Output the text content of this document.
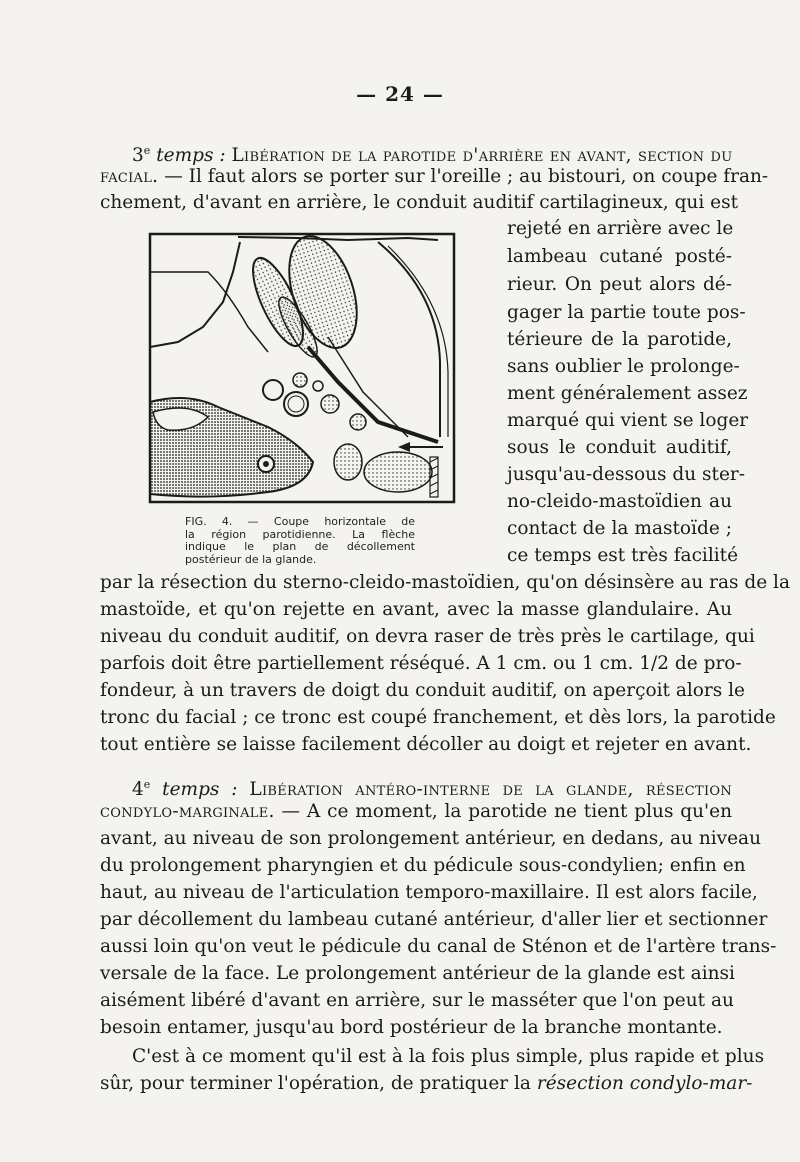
— 24 —
3e temps : Libération de la parotide d'arrière en avant, section du
facial. — Il faut alors se porter sur l'oreille ; au bistouri, on coupe fran-
chement, d'avant en arrière, le conduit auditif cartilagineux, qui est
rejeté en arrière avec le
lambeau cutané posté-
rieur. On peut alors dé-
gager la partie toute pos-
térieure de la parotide,
sans oublier le prolonge-
ment généralement assez
marqué qui vient se loger
sous le conduit auditif,
jusqu'au-dessous du ster-
no-cleido-mastoïdien au
contact de la mastoïde ;
ce temps est très facilité
FIG. 4. — Coupe horizontale de
la région parotidienne. La flèche
indique le plan de décollement
postérieur de la glande.
par la résection du sterno-cleido-mastoïdien, qu'on désinsère au ras de la
mastoïde, et qu'on rejette en avant, avec la masse glandulaire. Au
niveau du conduit auditif, on devra raser de très près le cartilage, qui
parfois doit être partiellement réséqué. A 1 cm. ou 1 cm. 1/2 de pro-
fondeur, à un travers de doigt du conduit auditif, on aperçoit alors le
tronc du facial ; ce tronc est coupé franchement, et dès lors, la parotide
tout entière se laisse facilement décoller au doigt et rejeter en avant.
4e temps : Libération antéro-interne de la glande, résection
condylo-marginale. — A ce moment, la parotide ne tient plus qu'en
avant, au niveau de son prolongement antérieur, en dedans, au niveau
du prolongement pharyngien et du pédicule sous-condylien; enfin en
haut, au niveau de l'articulation temporo-maxillaire. Il est alors facile,
par décollement du lambeau cutané antérieur, d'aller lier et sectionner
aussi loin qu'on veut le pédicule du canal de Sténon et de l'artère trans-
versale de la face. Le prolongement antérieur de la glande est ainsi
aisément libéré d'avant en arrière, sur le masséter que l'on peut au
besoin entamer, jusqu'au bord postérieur de la branche montante.
C'est à ce moment qu'il est à la fois plus simple, plus rapide et plus
sûr, pour terminer l'opération, de pratiquer la résection condylo-mar-
